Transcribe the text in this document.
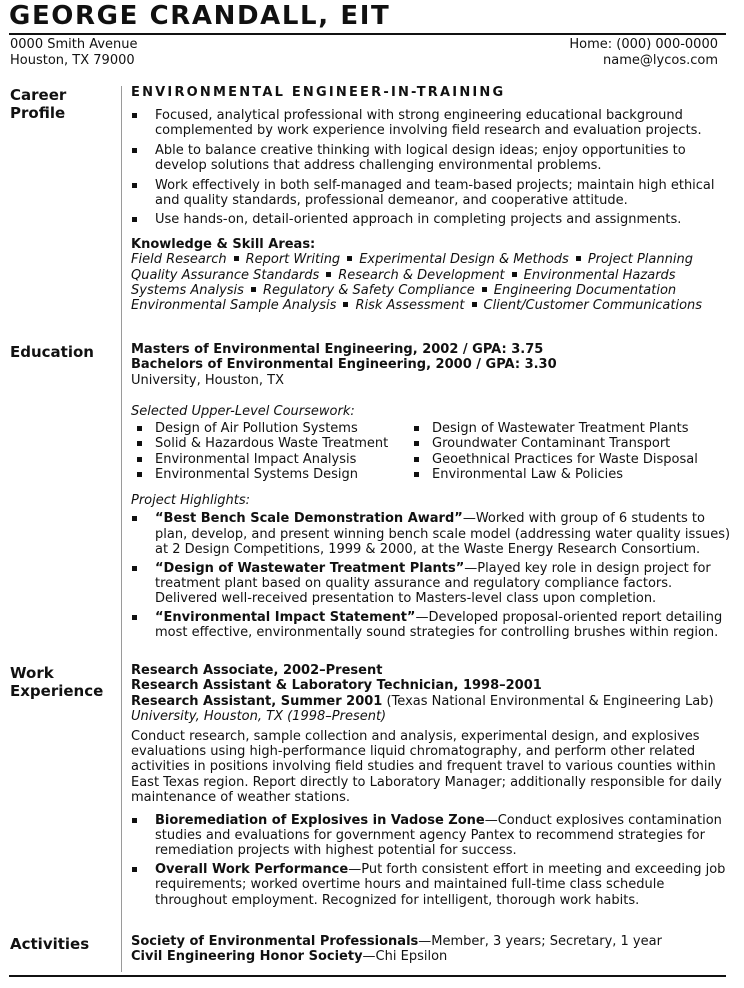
GEORGE CRANDALL, EIT
0000 Smith Avenue
Houston, TX 79000
Home: (000) 000-0000
name@lycos.com
Career
Profile
Education
Work
Experience
Activities
ENVIRONMENTAL ENGINEER-IN-TRAINING
Focused, analytical professional with strong engineering educational background
complemented by work experience involving field research and evaluation projects.
Able to balance creative thinking with logical design ideas; enjoy opportunities to
develop solutions that address challenging environmental problems.
Work effectively in both self-managed and team-based projects; maintain high ethical
and quality standards, professional demeanor, and cooperative attitude.
Use hands-on, detail-oriented approach in completing projects and assignments.
Knowledge & Skill Areas:
Field Research Report Writing Experimental Design & Methods Project Planning
Quality Assurance Standards Research & Development Environmental Hazards
Systems Analysis Regulatory & Safety Compliance Engineering Documentation
Environmental Sample Analysis Risk Assessment Client/Customer Communications
Masters of Environmental Engineering, 2002 / GPA: 3.75
Bachelors of Environmental Engineering, 2000 / GPA: 3.30
University, Houston, TX
Selected Upper-Level Coursework:
Design of Air Pollution Systems
Solid & Hazardous Waste Treatment
Environmental Impact Analysis
Environmental Systems Design
Design of Wastewater Treatment Plants
Groundwater Contaminant Transport
Geoethnical Practices for Waste Disposal
Environmental Law & Policies
Project Highlights:
“Best Bench Scale Demonstration Award”—Worked with group of 6 students to
plan, develop, and present winning bench scale model (addressing water quality issues)
at 2 Design Competitions, 1999 & 2000, at the Waste Energy Research Consortium.
“Design of Wastewater Treatment Plants”—Played key role in design project for
treatment plant based on quality assurance and regulatory compliance factors.
Delivered well-received presentation to Masters-level class upon completion.
“Environmental Impact Statement”—Developed proposal-oriented report detailing
most effective, environmentally sound strategies for controlling brushes within region.
Research Associate, 2002–Present
Research Assistant & Laboratory Technician, 1998–2001
Research Assistant, Summer 2001 (Texas National Environmental & Engineering Lab)
University, Houston, TX (1998–Present)
Conduct research, sample collection and analysis, experimental design, and explosives
evaluations using high-performance liquid chromatography, and perform other related
activities in positions involving field studies and frequent travel to various counties within
East Texas region. Report directly to Laboratory Manager; additionally responsible for daily
maintenance of weather stations.
Bioremediation of Explosives in Vadose Zone—Conduct explosives contamination
studies and evaluations for government agency Pantex to recommend strategies for
remediation projects with highest potential for success.
Overall Work Performance—Put forth consistent effort in meeting and exceeding job
requirements; worked overtime hours and maintained full-time class schedule
throughout employment. Recognized for intelligent, thorough work habits.
Society of Environmental Professionals—Member, 3 years; Secretary, 1 year
Civil Engineering Honor Society—Chi Epsilon
